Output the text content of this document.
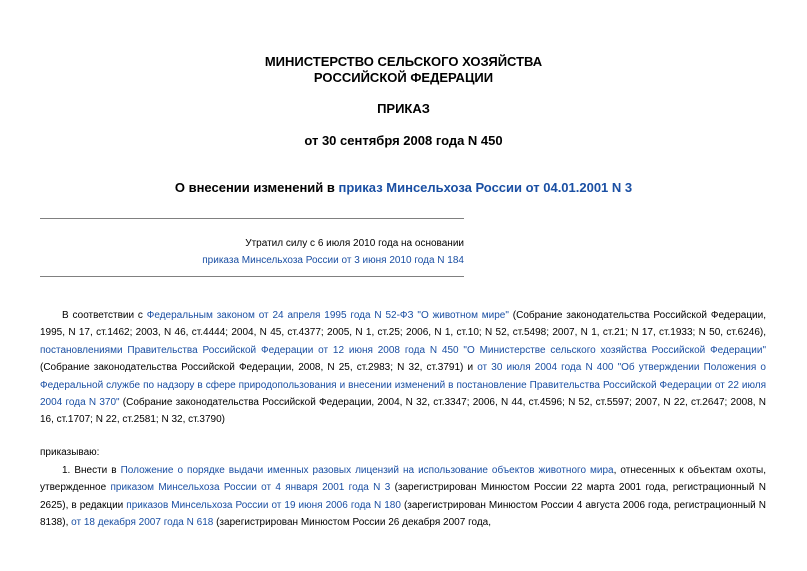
МИНИСТЕРСТВО СЕЛЬСКОГО ХОЗЯЙСТВА
РОССИЙСКОЙ ФЕДЕРАЦИИ
ПРИКАЗ
от 30 сентября 2008 года N 450
О внесении изменений в приказ Минсельхоза России от 04.01.2001 N 3
Утратил силу с 6 июля 2010 года на основании
приказа Минсельхоза России от 3 июня 2010 года N 184
В соответствии с Федеральным законом от 24 апреля 1995 года N 52-ФЗ "О животном мире" (Собрание законодательства Российской Федерации, 1995, N 17, ст.1462; 2003, N 46, ст.4444; 2004, N 45, ст.4377; 2005, N 1, ст.25; 2006, N 1, ст.10; N 52, ст.5498; 2007, N 1, ст.21; N 17, ст.1933; N 50, ст.6246), постановлениями Правительства Российской Федерации от 12 июня 2008 года N 450 "О Министерстве сельского хозяйства Российской Федерации" (Собрание законодательства Российской Федерации, 2008, N 25, ст.2983; N 32, ст.3791) и от 30 июля 2004 года N 400 "Об утверждении Положения о Федеральной службе по надзору в сфере природопользования и внесении изменений в постановление Правительства Российской Федерации от 22 июля 2004 года N 370" (Собрание законодательства Российской Федерации, 2004, N 32, ст.3347; 2006, N 44, ст.4596; N 52, ст.5597; 2007, N 22, ст.2647; 2008, N 16, ст.1707; N 22, ст.2581; N 32, ст.3790)
приказываю:
1. Внести в Положение о порядке выдачи именных разовых лицензий на использование объектов животного мира, отнесенных к объектам охоты, утвержденное приказом Минсельхоза России от 4 января 2001 года N 3 (зарегистрирован Минюстом России 22 марта 2001 года, регистрационный N 2625), в редакции приказов Минсельхоза России от 19 июня 2006 года N 180 (зарегистрирован Минюстом России 4 августа 2006 года, регистрационный N 8138), от 18 декабря 2007 года N 618 (зарегистрирован Минюстом России 26 декабря 2007 года,
